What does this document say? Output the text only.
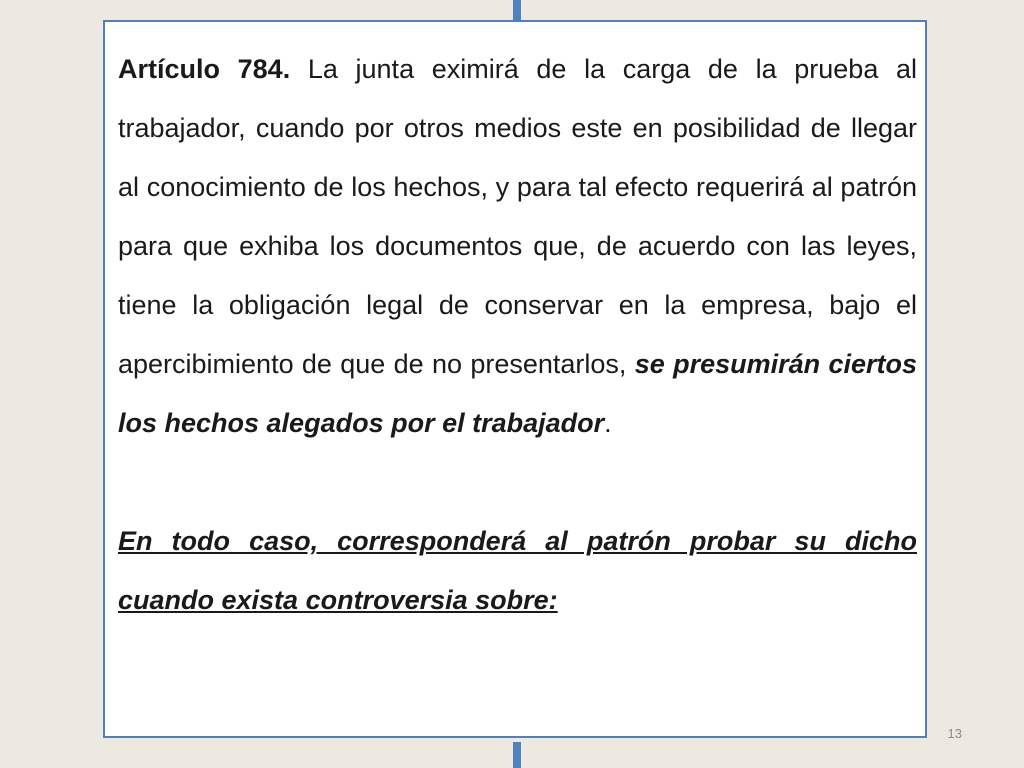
Artículo 784. La junta eximirá de la carga de la prueba al trabajador, cuando por otros medios este en posibilidad de llegar al conocimiento de los hechos, y para tal efecto requerirá al patrón para que exhiba los documentos que, de acuerdo con las leyes, tiene la obligación legal de conservar en la empresa, bajo el apercibimiento de que de no presentarlos, se presumirán ciertos los hechos alegados por el trabajador.

En todo caso, corresponderá al patrón probar su dicho cuando exista controversia sobre:

13
